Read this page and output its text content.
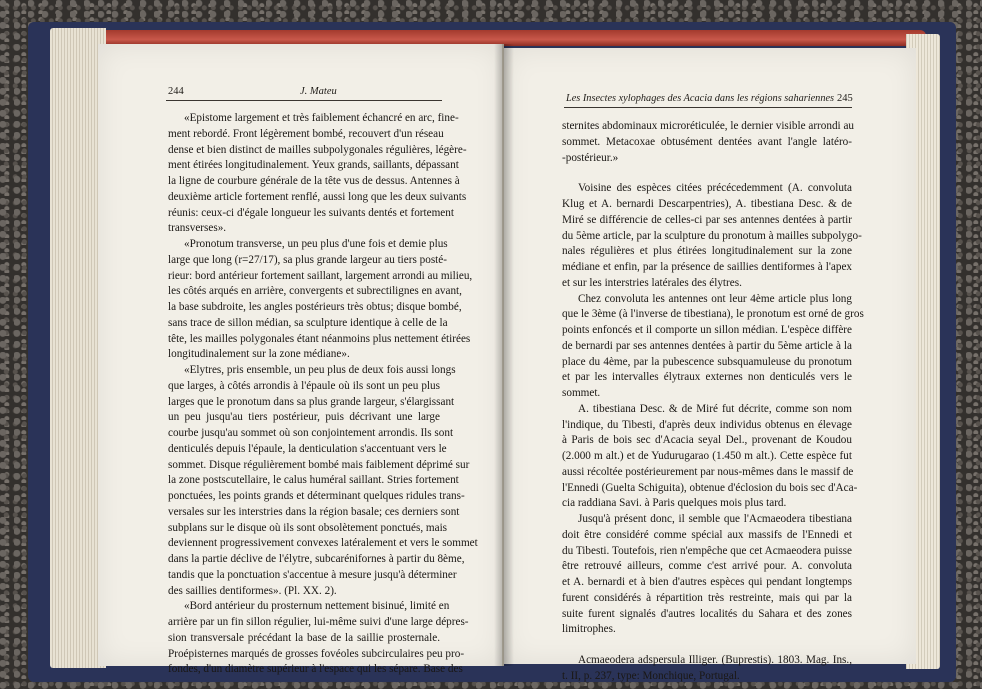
244	J. Mateu
Les Insectes xylophages des Acacia dans les régions sahariennes 245
«Epistome largement et très faiblement échancré en arc, fine-
ment rebordé. Front légèrement bombé, recouvert d'un réseau
dense et bien distinct de mailles subpolygonales régulières, légère-
ment étirées longitudinalement. Yeux grands, saillants, dépassant
la ligne de courbure générale de la tête vus de dessus. Antennes à
deuxième article fortement renflé, aussi long que les deux suivants
réunis: ceux-ci d'égale longueur les suivants dentés et fortement
transverses».
«Pronotum transverse, un peu plus d'une fois et demie plus
large que long (r=27/17), sa plus grande largeur au tiers posté-
rieur: bord antérieur fortement saillant, largement arrondi au milieu,
les côtés arqués en arrière, convergents et subrectilignes en avant,
la base subdroite, les angles postérieurs très obtus; disque bombé,
sans trace de sillon médian, sa sculpture identique à celle de la
tête, les mailles polygonales étant néanmoins plus nettement étirées
longitudinalement sur la zone médiane».
«Elytres, pris ensemble, un peu plus de deux fois aussi longs
que larges, à côtés arrondis à l'épaule où ils sont un peu plus
larges que le pronotum dans sa plus grande largeur, s'élargissant
un peu jusqu'au tiers postérieur, puis décrivant une large
courbe jusqu'au sommet où son conjointement arrondis. Ils sont
denticulés depuis l'épaule, la denticulation s'accentuant vers le
sommet. Disque régulièrement bombé mais faiblement déprimé sur
la zone postscutellaire, le calus huméral saillant. Stries fortement
ponctuées, les points grands et déterminant quelques ridules trans-
versales sur les interstries dans la région basale; ces derniers sont
subplans sur le disque où ils sont obsolètement ponctués, mais
deviennent progressivement convexes latéralement et vers le sommet
dans la partie déclive de l'élytre, subcarénifornes à partir du 8ème,
tandis que la ponctuation s'accentue à mesure jusqu'à déterminer
des saillies dentiformes». (Pl. XX. 2).
«Bord antérieur du prosternum nettement bisinué, limité en
arrière par un fin sillon régulier, lui-même suivi d'une large dépres-
sion transversale précédant la base de la saillie prosternale.
Proépisternes marqués de grosses fovéoles subcirculaires peu pro-
fondes, d'un diamètre supérieur à l'espace qui les sépare. Base des
sternites abdominaux microréticulée, le dernier visible arrondi au
sommet. Metacoxae obtusément dentées avant l'angle latéro-
-postérieur.»
Voisine des espèces citées précécedemment (A. convoluta
Klug et A. bernardi Descarpentries), A. tibestiana Desc. & de
Miré se différencie de celles-ci par ses antennes dentées à partir
du 5ème article, par la sculpture du pronotum à mailles subpolygo-
nales régulières et plus étirées longitudinalement sur la zone
médiane et enfin, par la présence de saillies dentiformes à l'apex
et sur les interstries latérales des élytres.
Chez convoluta les antennes ont leur 4ème article plus long
que le 3ème (à l'inverse de tibestiana), le pronotum est orné de gros
points enfoncés et il comporte un sillon médian. L'espèce diffère
de bernardi par ses antennes dentées à partir du 5ème article à la
place du 4ème, par la pubescence subsquamuleuse du pronotum
et par les intervalles élytraux externes non denticulés vers le
sommet.
A. tibestiana Desc. & de Miré fut décrite, comme son nom
l'indique, du Tibesti, d'après deux individus obtenus en élevage
à Paris de bois sec d'Acacia seyal Del., provenant de Koudou
(2.000 m alt.) et de Yudurugarao (1.450 m alt.). Cette espèce fut
aussi récoltée postérieurement par nous-mêmes dans le massif de
l'Ennedi (Guelta Schiguita), obtenue d'éclosion du bois sec d'Aca-
cia raddiana Savi. à Paris quelques mois plus tard.
Jusqu'à présent donc, il semble que l'Acmaeodera tibestiana
doit être considéré comme spécial aux massifs de l'Ennedi et
du Tibesti. Toutefois, rien n'empêche que cet Acmaeodera puisse
être retrouvé ailleurs, comme c'est arrivé pour. A. convoluta
et A. bernardi et à bien d'autres espèces qui pendant longtemps
furent considérés à répartition très restreinte, mais qui par la
suite furent signalés d'autres localités du Sahara et des zones
limitrophes.
Acmaeodera adspersula Illiger. (Buprestis). 1803. Mag. Ins.,
t. II, p. 237, type: Monchique, Portugal.
